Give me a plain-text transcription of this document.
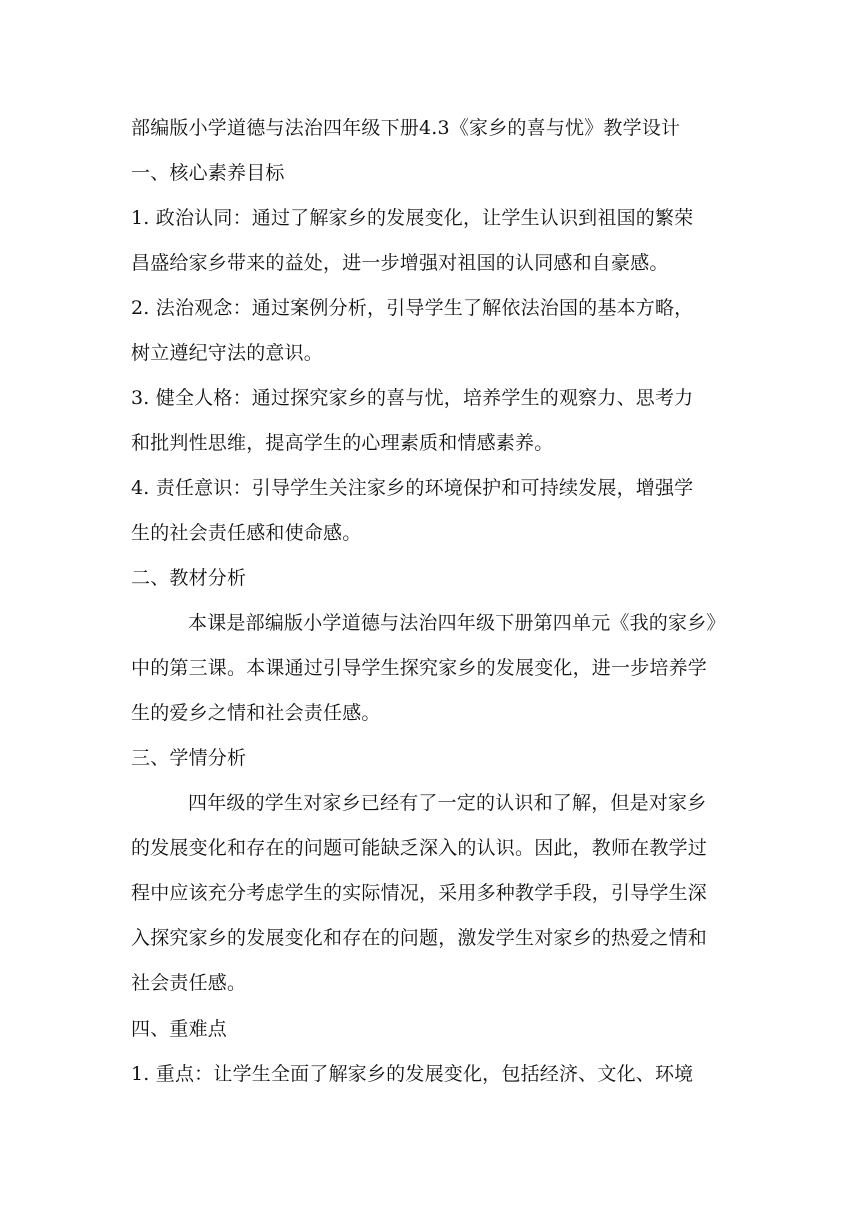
部编版小学道德与法治四年级下册4.3《家乡的喜与忧》教学设计
一、核心素养目标
1. 政治认同：通过了解家乡的发展变化，让学生认识到祖国的繁荣
昌盛给家乡带来的益处，进一步增强对祖国的认同感和自豪感。
2. 法治观念：通过案例分析，引导学生了解依法治国的基本方略，
树立遵纪守法的意识。
3. 健全人格：通过探究家乡的喜与忧，培养学生的观察力、思考力
和批判性思维，提高学生的心理素质和情感素养。
4. 责任意识：引导学生关注家乡的环境保护和可持续发展，增强学
生的社会责任感和使命感。
二、教材分析
本课是部编版小学道德与法治四年级下册第四单元《我的家乡》
中的第三课。本课通过引导学生探究家乡的发展变化，进一步培养学
生的爱乡之情和社会责任感。
三、学情分析
四年级的学生对家乡已经有了一定的认识和了解，但是对家乡
的发展变化和存在的问题可能缺乏深入的认识。因此，教师在教学过
程中应该充分考虑学生的实际情况，采用多种教学手段，引导学生深
入探究家乡的发展变化和存在的问题，激发学生对家乡的热爱之情和
社会责任感。
四、重难点
1. 重点：让学生全面了解家乡的发展变化，包括经济、文化、环境
